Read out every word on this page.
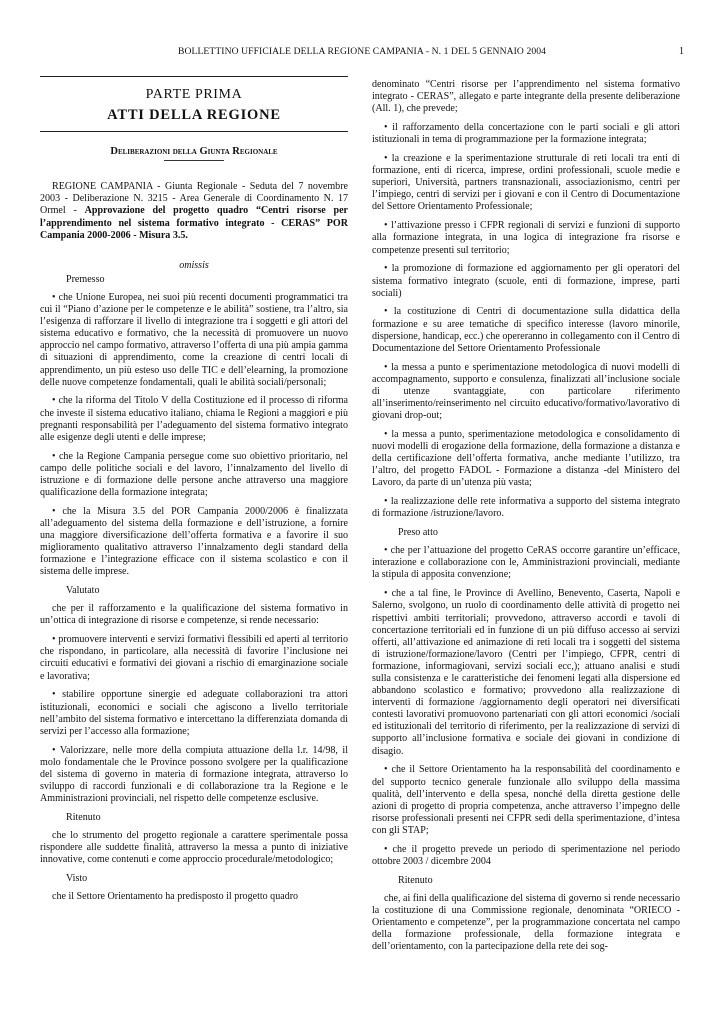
BOLLETTINO UFFICIALE DELLA REGIONE CAMPANIA - N. 1 DEL 5 GENNAIO 2004	1
PARTE PRIMA
ATTI DELLA REGIONE
Deliberazioni della Giunta Regionale

REGIONE CAMPANIA - Giunta Regionale - Seduta del 7 novembre 2003 - Deliberazione N. 3215 - Area Generale di Coordinamento N. 17 Ormel - Approvazione del progetto quadro “Centri risorse per l’apprendimento nel sistema formativo integrato - CERAS” POR Campania 2000-2006 - Misura 3.5.

omissis

Premesso

• che Unione Europea, nei suoi più recenti documenti programmatici tra cui il “Piano d’azione per le competenze e le abilità” sostiene, tra l’altro, sia l’esigenza di rafforzare il livello di integrazione tra i soggetti e gli attori del sistema educativo e formativo, che la necessità di promuovere un nuovo approccio nel campo formativo, attraverso l’offerta di una più ampia gamma di situazioni di apprendimento, come la creazione di centri locali di apprendimento, un più esteso uso delle TIC e dell’elearning, la promozione delle nuove competenze fondamentali, quali le abilità sociali/personali;

• che la riforma del Titolo V della Costituzione ed il processo di riforma che investe il sistema educativo italiano, chiama le Regioni a maggiori e più pregnanti responsabilità per l’adeguamento del sistema formativo integrato alle esigenze degli utenti e delle imprese;

• che la Regione Campania persegue come suo obiettivo prioritario, nel campo delle politiche sociali e del lavoro, l’innalzamento del livello di istruzione e di formazione delle persone anche attraverso una maggiore qualificazione della formazione integrata;

• che la Misura 3.5 del POR Campania 2000/2006 è finalizzata all’adeguamento del sistema della formazione e dell’istruzione, a fornire una maggiore diversificazione dell’offerta formativa e a favorire il suo miglioramento qualitativo attraverso l’innalzamento degli standard della formazione e l’integrazione efficace con il sistema scolastico e con il sistema delle imprese.

Valutato

che per il rafforzamento e la qualificazione del sistema formativo in un’ottica di integrazione di risorse e competenze, si rende necessario:

• promuovere interventi e servizi formativi flessibili ed aperti al territorio che rispondano, in particolare, alla necessità di favorire l’inclusione nei circuiti educativi e formativi dei giovani a rischio di emarginazione sociale e lavorativa;

• stabilire opportune sinergie ed adeguate collaborazioni tra attori istituzionali, economici e sociali che agiscono a livello territoriale nell’ambito del sistema formativo e intercettano la differenziata domanda di servizi per l’accesso alla formazione;

• Valorizzare, nelle more della compiuta attuazione della l.r. 14/98, il molo fondamentale che le Province possono svolgere per la qualificazione del sistema di governo in materia di formazione integrata, attraverso lo sviluppo di raccordi funzionali e di collaborazione tra la Regione e le Amministrazioni provinciali, nel rispetto delle competenze esclusive.

Ritenuto

che lo strumento del progetto regionale a carattere sperimentale possa rispondere alle suddette finalità, attraverso la messa a punto di iniziative innovative, come contenuti e come approccio procedurale/metodologico;

Visto

che il Settore Orientamento ha predisposto il progetto quadro

denominato “Centri risorse per l’apprendimento nel sistema formativo integrato - CERAS”, allegato e parte integrante della presente deliberazione (All. 1), che prevede;

• il rafforzamento della concertazione con le parti sociali e gli attori istituzionali in tema di programmazione per la formazione integrata;

• la creazione e la sperimentazione strutturale di reti locali tra enti di formazione, enti di ricerca, imprese, ordini professionali, scuole medie e superiori, Università, partners transnazionali, associazionismo, centri per l’impiego, centri di servizi per i giovani e con il Centro di Documentazione del Settore Orientamento Professionale;

• l’attivazione presso i CFPR regionali di servizi e funzioni di supporto alla formazione integrata, in una logica di integrazione fra risorse e competenze presenti sul territorio;

• la promozione di formazione ed aggiornamento per gli operatori del sistema formativo integrato (scuole, enti di formazione, imprese, parti sociali)

• la costituzione di Centri di documentazione sulla didattica della formazione e su aree tematiche di specifico interesse (lavoro minorile, dispersione, handicap, ecc.) che opereranno in collegamento con il Centro di Documentazione del Settore Orientamento Professionale

• la messa a punto e sperimentazione metodologica di nuovi modelli di accompagnamento, supporto e consulenza, finalizzati all’inclusione sociale di utenze svantaggiate, con particolare riferimento all’inserimento/reinserimento nel circuito educativo/formativo/lavorativo di giovani drop-out;

• la messa a punto, sperimentazione metodologica e consolidamento di nuovi modelli di erogazione della formazione, della formazione a distanza e della certificazione dell’offerta formativa, anche mediante l’utilizzo, tra l’altro, del progetto FADOL - Formazione a distanza -del Ministero del Lavoro, da parte di un’utenza più vasta;

• la realizzazione delle rete informativa a supporto del sistema integrato di formazione /istruzione/lavoro.

Preso atto

• che per l’attuazione del progetto CeRAS occorre garantire un’efficace, interazione e collaborazione con le, Amministrazioni provinciali, mediante la stipula di apposita convenzione;

• che a tal fine, le Province di Avellino, Benevento, Caserta, Napoli e Salerno, svolgono, un ruolo di coordinamento delle attività di progetto nei rispettivi ambiti territoriali; provvedono, attraverso accordi e tavoli di concertazione territoriali ed in funzione di un più diffuso accesso ai servizi offerti, all’attivazione ed animazione di reti locali tra i soggetti del sistema di istruzione/formazione/lavoro (Centri per l’impiego, CFPR, centri di formazione, informagiovani, servizi sociali ecc,); attuano analisi e studi sulla consistenza e le caratteristiche dei fenomeni legati alla dispersione ed abbandono scolastico e formativo; provvedono alla realizzazione di interventi di formazione /aggiornamento degli operatori nei diversificati contesti lavorativi promuovono partenariati con gli attori economici /sociali ed istituzionali del territorio di riferimento, per la realizzazione di servizi di supporto all’inclusione formativa e sociale dei giovani in condizione di disagio.

• che il Settore Orientamento ha la responsabilità del coordinamento e del supporto tecnico generale funzionale allo sviluppo della massima qualità, dell’intervento e della spesa, nonché della diretta gestione delle azioni di progetto di propria competenza, anche attraverso l’impegno delle risorse professionali presenti nei CFPR sedi della sperimentazione, d’intesa con gli STAP;

• che il progetto prevede un periodo di sperimentazione nel periodo ottobre 2003 / dicembre 2004

Ritenuto

che, ai fini della qualificazione del sistema di governo si rende necessario la costituzione di una Commissione regionale, denominata “ORIECO - Orientamento e competenze”, per la programmazione concertata nel campo della formazione professionale, della formazione integrata e dell’orientamento, con la partecipazione della rete dei sog-
